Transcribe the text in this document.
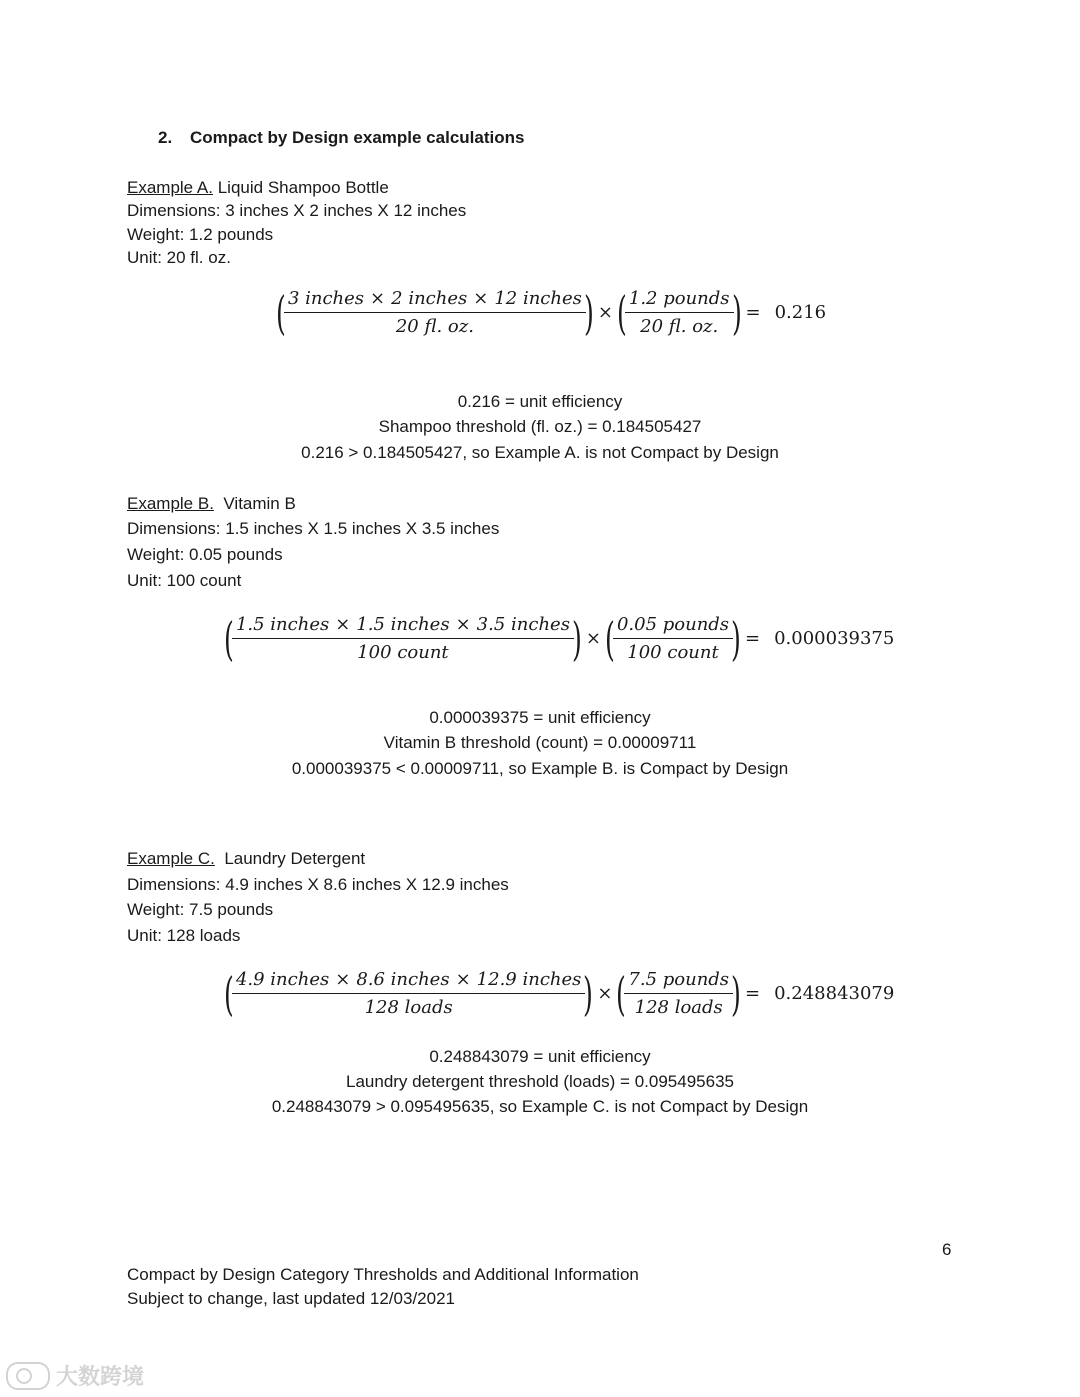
2. Compact by Design example calculations
Example A. Liquid Shampoo Bottle
Dimensions: 3 inches X 2 inches X 12 inches
Weight: 1.2 pounds
Unit: 20 fl. oz.
(
$\frac{\text{3 inches × 2 inches × 12 inches}}{20 fl. oz.}$
) × (
$\frac{\text{1.2 pounds}}{20 fl. oz.}$
) = 0.216
0.216 = unit efficiency
Shampoo threshold (fl. oz.) = 0.184505427
0.216 > 0.184505427, so Example A. is not Compact by Design
Example B.  Vitamin B
Dimensions: 1.5 inches X 1.5 inches X 3.5 inches
Weight: 0.05 pounds
Unit: 100 count
(
$\frac{\text{1.5 inches × 1.5 inches × 3.5 inches}}{\text{100 count}}$
) × (
$\frac{\text{0.05 pounds}}{\text{100 count}}$
) = 0.000039375
0.000039375 = unit efficiency
Vitamin B threshold (count) = 0.00009711
0.000039375 < 0.00009711, so Example B. is Compact by Design
Example C.  Laundry Detergent
Dimensions: 4.9 inches X 8.6 inches X 12.9 inches
Weight: 7.5 pounds
Unit: 128 loads
(
$\frac{\text{4.9 inches × 8.6 inches × 12.9 inches}}{\text{128 loads}}$
) × (
$\frac{\text{7.5 pounds}}{\text{128 loads}}$
) = 0.248843079
0.248843079 = unit efficiency
Laundry detergent threshold (loads) = 0.095495635
0.248843079 > 0.095495635, so Example C. is not Compact by Design
6
Compact by Design Category Thresholds and Additional Information
Subject to change, last updated 12/03/2021
大数跨境
